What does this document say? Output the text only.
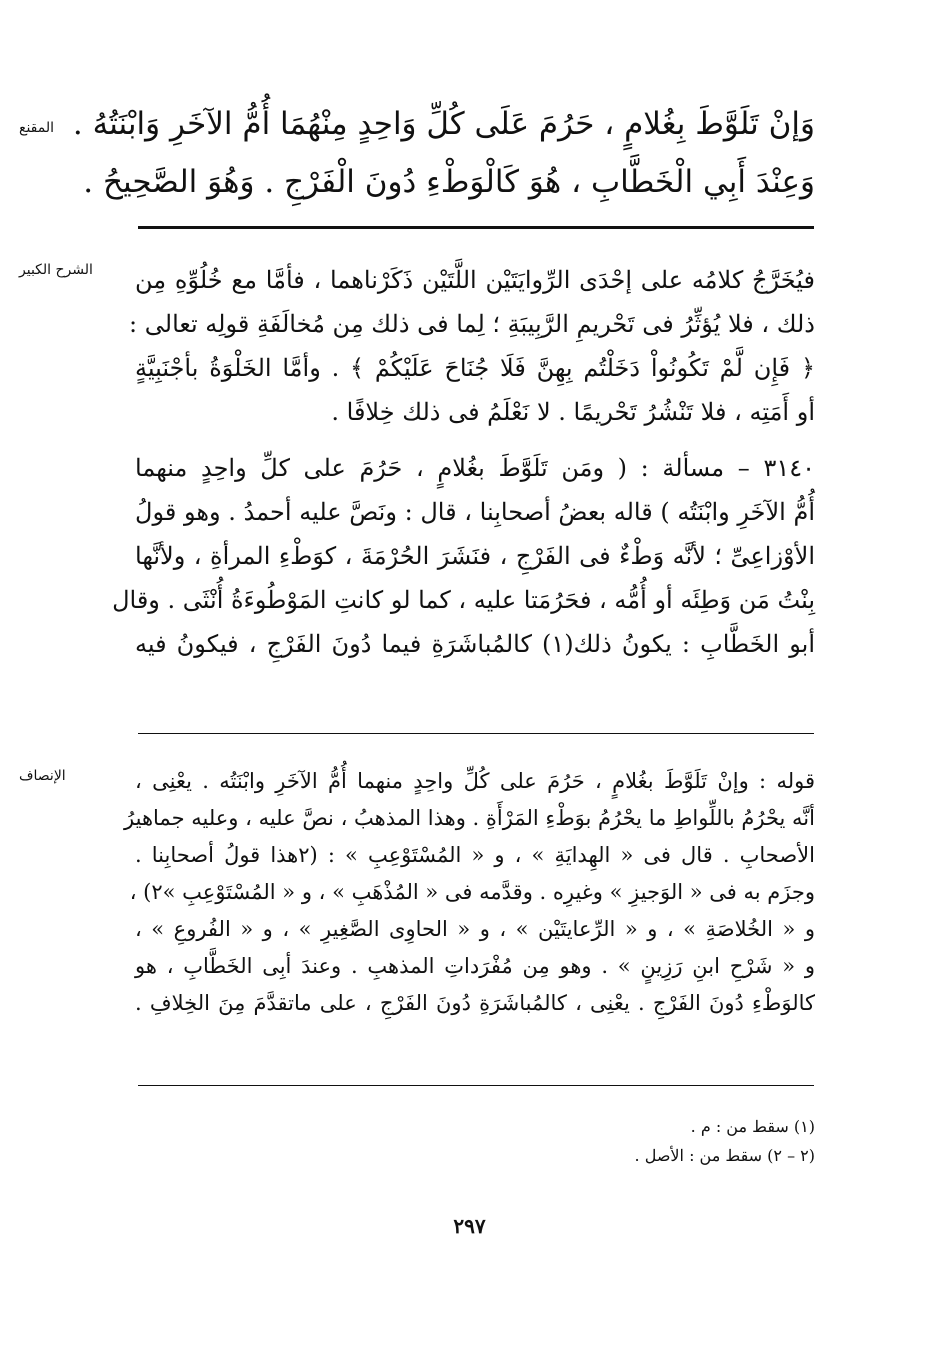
المقنع وَإنْ تَلَوَّطَ بِغُلامٍ ، حَرُمَ عَلَى كُلِّ وَاحِدٍ مِنْهُمَا أُمُّ الآخَرِ وَابْنَتُهُ .
وَعِنْدَ أَبِي الْخَطَّابِ ، هُوَ كَالْوَطْءِ دُونَ الْفَرْجِ . وَهُوَ الصَّحِيحُ .
الشرح الكبير	فيُخَرَّجُ كلامُه على إحْدَى الرِّوايَتَيْن اللَّتَيْن ذَكَرْناهما ، فأمَّا مع خُلُوِّهِ مِن
ذلك ، فلا يُؤثِّرُ فى تَحْريمِ الرَّبِيبَةِ ؛ لِما فى ذلك مِن مُخالَفَةِ قولِه تعالى :
﴿ فَإِن لَّمْ تَكُونُواْ دَخَلْتُم بِهِنَّ فَلَا جُنَاحَ عَلَيْكُمْ ﴾ . وأمَّا الخَلْوَةُ بأجْنَبِيَّةٍ
أو أَمَتِه ، فلا تَنْشُرُ تَحْريمًا . لا نَعْلَمُ فى ذلك خِلافًا .
٣١٤٠ – مسألة : ( ومَن تَلَوَّطَ بغُلامٍ ، حَرُمَ على كلِّ واحِدٍ منهما
أُمُّ الآخَرِ وابْنَتُه ) قاله بعضُ أصحابِنا ، قال : ونَصَّ عليه أحمدُ . وهو قولُ
الأوْزاعِىِّ ؛ لأنَّه وَطْءٌ فى الفَرْجِ ، فنَشَرَ الحُرْمَةَ ، كوَطْءِ المرأةِ ، ولأنَّها
بِنْتُ مَن وَطِئَه أو أُمُّه ، فحَرُمَتا عليه ، كما لو كانتِ المَوْطُوءَةُ أُنْثَى . وقال
أبو الخَطَّابِ : يكونُ ذلك(١) كالمُباشَرَةِ فيما دُونَ الفَرْجِ ، فيكونُ فيه
الإنصاف	قوله : وإنْ تَلَوَّطَ بغُلامٍ ، حَرُمَ على كُلِّ واحِدٍ منهما أُمُّ الآخَرِ وابْنَتُه . يعْنِى ،
أنَّه يحْرُمُ باللِّواطِ ما يحْرُمُ بوَطْءِ المَرْأَةِ . وهذا المذهبُ ، نصَّ عليه ، وعليه جماهيرُ
الأصحابِ . قال فى « الهِدايَةِ » ، و « المُسْتَوْعِبِ » : (٢هذا قولُ أصحابِنا .
وجزَم به فى « الوَجيزِ » وغيرِه . وقدَّمه فى « المُذْهَبِ » ، و « المُسْتَوْعِبِ »٢) ،
و « الخُلاصَةِ » ، و « الرِّعايتَيْن » ، و « الحاوِى الصَّغِيرِ » ، و « الفُروعِ » ،
و « شَرْحِ ابنِ رَزِينٍ » . وهو مِن مُفْرَداتِ المذهبِ . وعندَ أبِى الخَطَّابِ ، هو
كالوَطْءِ دُونَ الفَرْجِ . يعْنِى ، كالمُباشَرَةِ دُونَ الفَرْجِ ، على ماتقدَّمَ مِنَ الخِلافِ .
(١) سقط من : م .
(٢ – ٢) سقط من : الأصل .
٢٩٧
